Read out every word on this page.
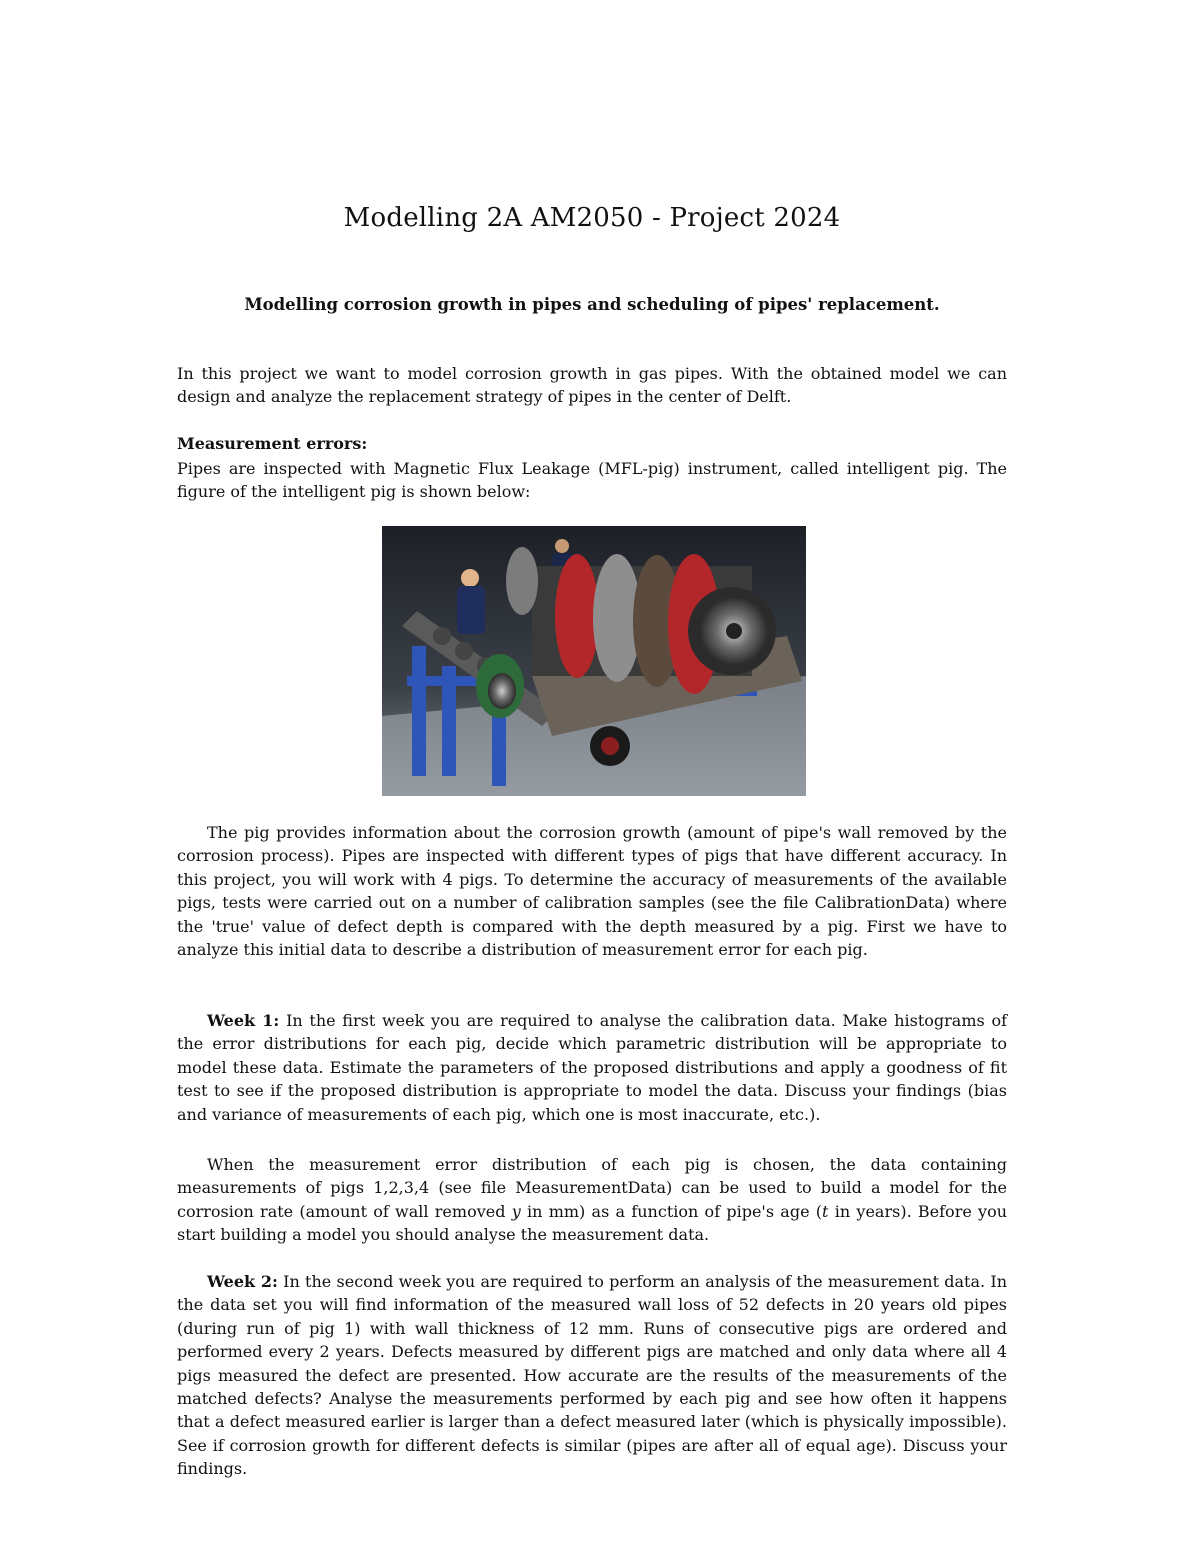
Modelling 2A AM2050 - Project 2024
Modelling corrosion growth in pipes and scheduling of pipes' replacement.

In this project we want to model corrosion growth in gas pipes. With the obtained model we can design and analyze the replacement strategy of pipes in the center of Delft.

Measurement errors:

Pipes are inspected with Magnetic Flux Leakage (MFL-pig) instrument, called intelligent pig. The figure of the intelligent pig is shown below:

The pig provides information about the corrosion growth (amount of pipe's wall removed by the corrosion process). Pipes are inspected with different types of pigs that have different accuracy. In this project, you will work with 4 pigs. To determine the accuracy of measurements of the available pigs, tests were carried out on a number of calibration samples (see the file CalibrationData) where the 'true' value of defect depth is compared with the depth measured by a pig. First we have to analyze this initial data to describe a distribution of measurement error for each pig.

Week 1: In the first week you are required to analyse the calibration data. Make histograms of the error distributions for each pig, decide which parametric distribution will be appropriate to model these data. Estimate the parameters of the proposed distributions and apply a goodness of fit test to see if the proposed distribution is appropriate to model the data. Discuss your findings (bias and variance of measurements of each pig, which one is most inaccurate, etc.).

When the measurement error distribution of each pig is chosen, the data containing measurements of pigs 1,2,3,4 (see file MeasurementData) can be used to build a model for the corrosion rate (amount of wall removed y in mm) as a function of pipe's age (t in years). Before you start building a model you should analyse the measurement data.

Week 2: In the second week you are required to perform an analysis of the measurement data. In the data set you will find information of the measured wall loss of 52 defects in 20 years old pipes (during run of pig 1) with wall thickness of 12 mm. Runs of consecutive pigs are ordered and performed every 2 years. Defects measured by different pigs are matched and only data where all 4 pigs measured the defect are presented. How accurate are the results of the measurements of the matched defects? Analyse the measurements performed by each pig and see how often it happens that a defect measured earlier is larger than a defect measured later (which is physically impossible). See if corrosion growth for different defects is similar (pipes are after all of equal age). Discuss your findings.
